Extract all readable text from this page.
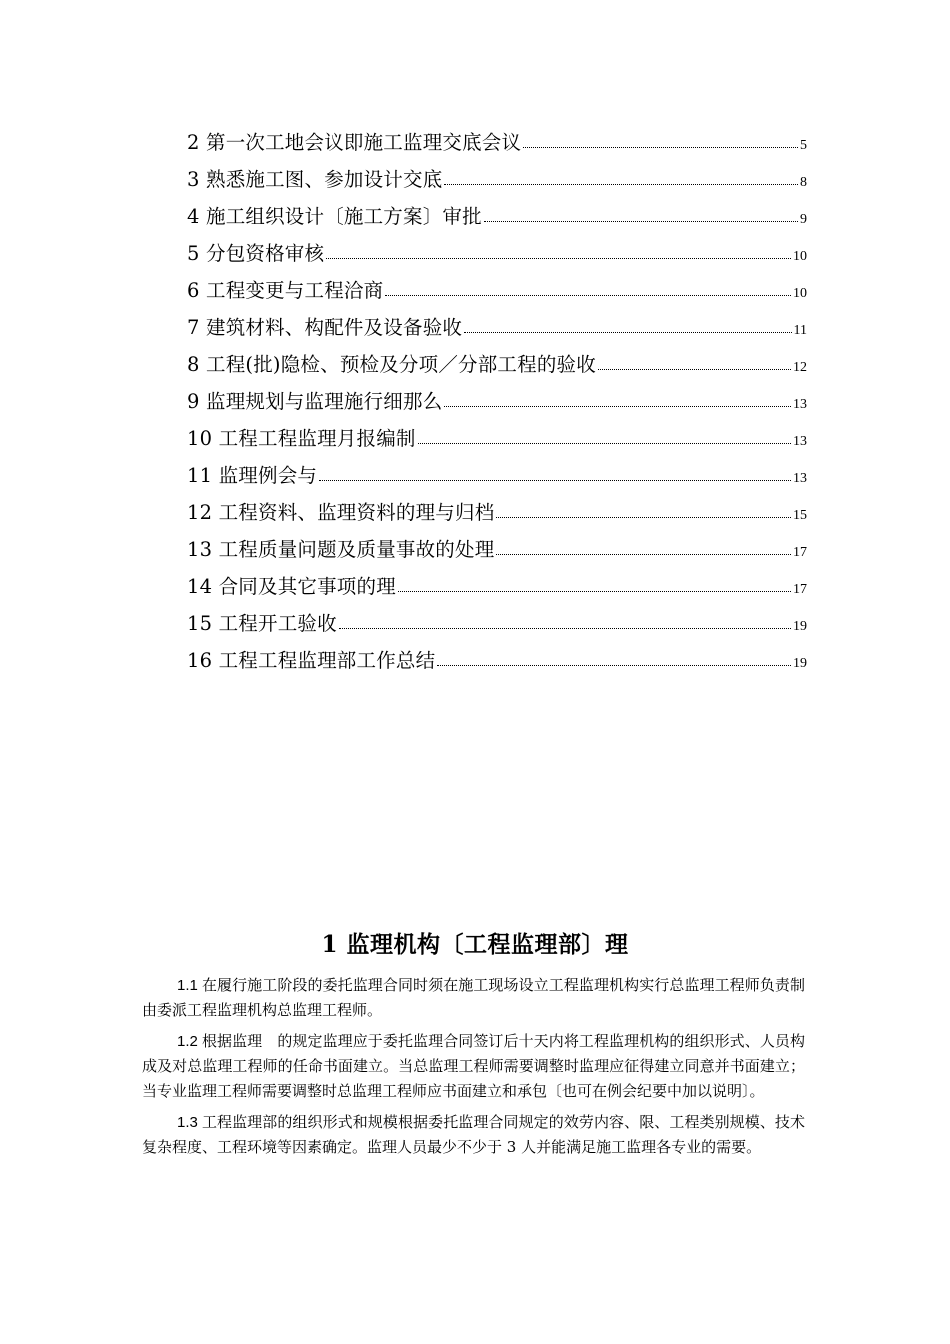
2 第一次工地会议即施工监理交底会议	5
3 熟悉施工图、参加设计交底	8
4 施工组织设计〔施工方案〕审批	9
5 分包资格审核	10
6 工程变更与工程洽商	10
7 建筑材料、构配件及设备验收	11
8 工程(批)隐检、预检及分项／分部工程的验收	12
9 监理规划与监理施行细那么	13
10 工程工程监理月报编制	13
11 监理例会与	13
12 工程资料、监理资料的理与归档	15
13 工程质量问题及质量事故的处理	17
14 合同及其它事项的理	17
15 工程开工验收	19
16 工程工程监理部工作总结	19
1 监理机构〔工程监理部〕理

1.1 在履行施工阶段的委托监理合同时须在施工现场设立工程监理机构实行总监理工程师负责制由委派工程监理机构总监理工程师。

1.2 根据监理　的规定监理应于委托监理合同签订后十天内将工程监理机构的组织形式、人员构成及对总监理工程师的任命书面建立。当总监理工程师需要调整时监理应征得建立同意并书面建立；当专业监理工程师需要调整时总监理工程师应书面建立和承包〔也可在例会纪要中加以说明〕。

1.3 工程监理部的组织形式和规模根据委托监理合同规定的效劳内容、限、工程类别规模、技术复杂程度、工程环境等因素确定。监理人员最少不少于 3 人并能满足施工监理各专业的需要。
